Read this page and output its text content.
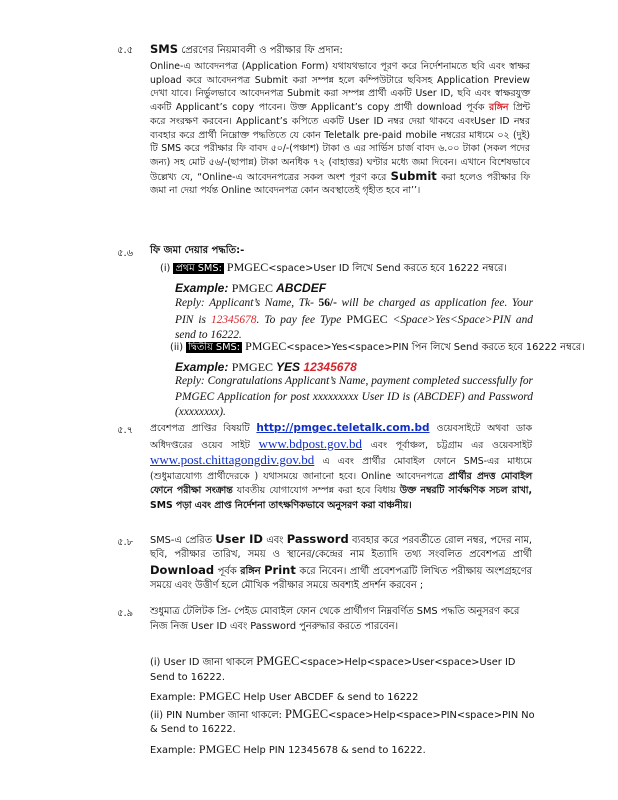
৫.৫ SMS প্রেরণের নিয়মাবলী ও পরীক্ষার ফি প্রদান:
Online-এ আবেদনপত্র (Application Form) যথাযথভাবে পূরণ করে নির্দেশনামতে ছবি এবং স্বাক্ষর upload করে আবেদনপত্র Submit করা সম্পন্ন হলে কম্পিউটারে ছবিসহ Application Preview দেখা যাবে। নির্ভুলভাবে আবেদনপত্র Submit করা সম্পন্ন প্রার্থী একটি User ID, ছবি এবং স্বাক্ষরযুক্ত একটি Applicant’s copy পাবেন। উক্ত Applicant’s copy প্রার্থী download পূর্বক রঙ্গিন প্রিন্ট করে সংরক্ষণ করবেন। Applicant’s কপিতে একটি User ID নম্বর দেয়া থাকবে এবংUser ID নম্বর ব্যবহার করে প্রার্থী নিম্নোক্ত পদ্ধতিতে যে কোন Teletalk pre-paid mobile নম্বরের মাধ্যমে ০২ (দুই) টি SMS করে পরীক্ষার ফি বাবদ ৫০/-(পঞ্চাশ) টাকা ও এর সার্ভিস চার্জ বাবদ ৬.০০ টাকা (সকল পদের জন্য) সহ মোট ৫৬/-(ছাপান্ন) টাকা অনধিক ৭২ (বাহাত্তর) ঘণ্টার মধ্যে জমা দিবেন। এখানে বিশেষভাবে উল্লেখ্য যে, “Online-এ আবেদনপত্রের সকল অংশ পূরণ করে Submit করা হলেও পরীক্ষার ফি জমা না দেয়া পর্যন্ত Online আবেদনপত্র কোন অবস্থাতেই গৃহীত হবে না’’।
৫.৬ ফি জমা দেয়ার পদ্ধতি:-
(i) প্রথম SMS: PMGEC<space>User ID লিখে Send করতে হবে 16222 নম্বরে।
Example: PMGEC ABCDEF
Reply: Applicant’s Name, Tk- 56/- will be charged as application fee. Your PIN is 12345678. To pay fee Type PMGEC <Space>Yes<Space>PIN and send to 16222.
(ii) দ্বিতীয় SMS: PMGEC<space>Yes<space>PIN পিন লিখে Send করতে হবে 16222 নম্বরে।
Example: PMGEC YES 12345678
Reply: Congratulations Applicant’s Name, payment completed successfully for PMGEC Application for post xxxxxxxxx User ID is (ABCDEF) and Password (xxxxxxxx).
৫.৭ প্রবেশপত্র প্রাপ্তির বিষয়টি http://pmgec.teletalk.com.bd ওয়েবসাইটে অথবা ডাক অধিদপ্তরের ওয়েব সাইট www.bdpost.gov.bd এবং পূর্বাঞ্চল, চট্টগ্রাম এর ওয়েবসাইট www.post.chittagongdiv.gov.bd এ এবং প্রার্থীর মোবাইল ফোনে SMS-এর মাধ্যমে (শুধুমাত্রযোগ্য প্রার্থীদেরকে ) যথাসময়ে জানানো হবে। Online আবেদনপত্রে প্রার্থীর প্রদত্ত মোবাইল ফোনে পরীক্ষা সংক্রান্ত যাবতীয় যোগাযোগ সম্পন্ন করা হবে বিধায় উক্ত নম্বরটি সার্বক্ষণিক সচল রাখা, SMS পড়া এবং প্রাপ্ত নির্দেশনা তাৎক্ষণিকভাবে অনুসরণ করা বাঞ্চনীয়।
৫.৮ SMS-এ প্রেরিত User ID এবং Password ব্যবহার করে পরবর্তীতে রোল নম্বর, পদের নাম, ছবি, পরীক্ষার তারিখ, সময় ও স্থানের/কেন্দ্রের নাম ইত্যাদি তথ্য সংবলিত প্রবেশপত্র প্রার্থী Download পূর্বক রঙ্গিন Print করে নিবেন। প্রার্থী প্রবেশপত্রটি লিখিত পরীক্ষায় অংশগ্রহণের সময়ে এবং উত্তীর্ণ হলে মৌখিক পরীক্ষার সময়ে অবশ্যই প্রদর্শন করবেন ;
৫.৯ শুধুমাত্র টেলিটক প্রি- পেইড মোবাইল ফোন থেকে প্রার্থীগণ নিম্নবর্ণিত SMS পদ্ধতি অনুসরণ করে নিজ নিজ User ID এবং Password পুনরুদ্ধার করতে পারবেন।
(i) User ID জানা থাকলে PMGEC<space>Help<space>User<space>User ID Send to 16222.
Example: PMGEC Help User ABCDEF & send to 16222
(ii) PIN Number জানা থাকলে: PMGEC<space>Help<space>PIN<space>PIN No & Send to 16222.
Example: PMGEC Help PIN 12345678 & send to 16222.
